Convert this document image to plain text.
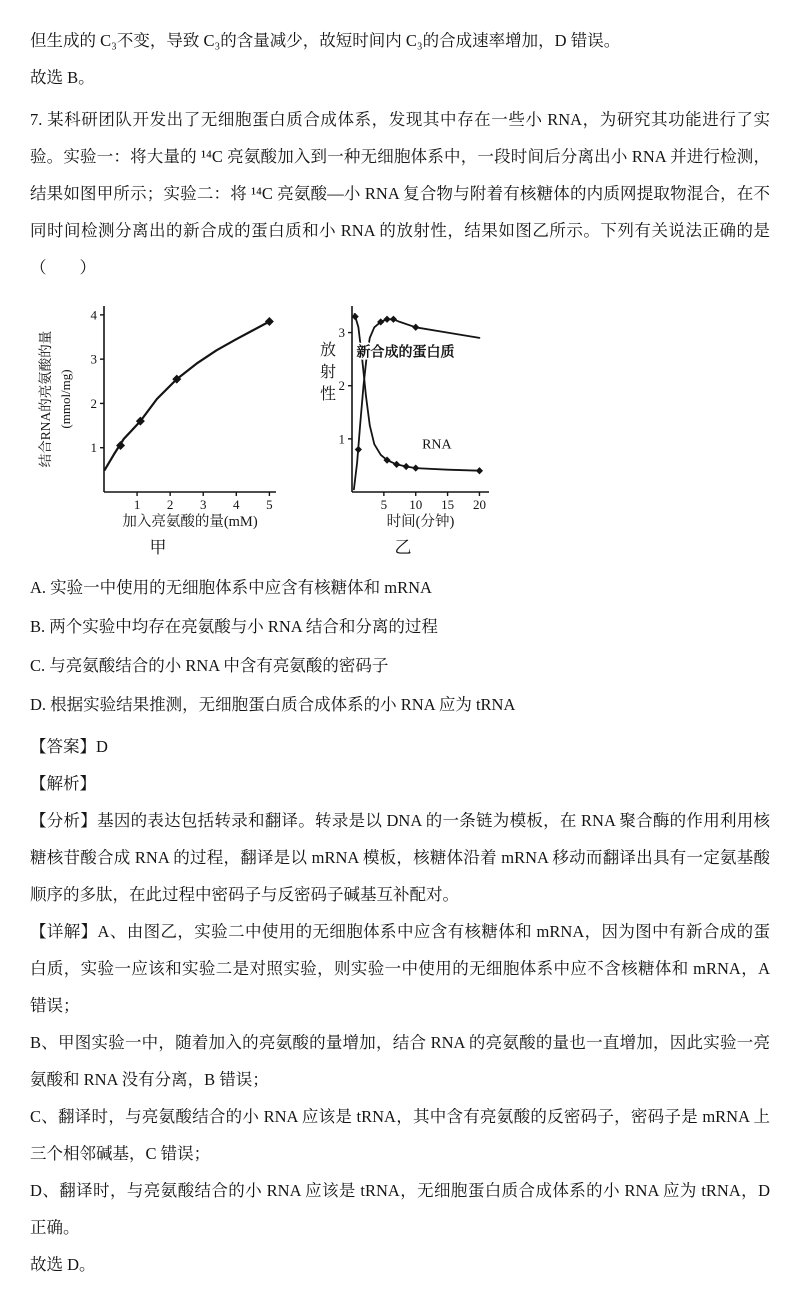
但生成的 C₃不变，导致 C₃的含量减少，故短时间内 C₃的合成速率增加，D 错误。

故选 B。

7. 某科研团队开发出了无细胞蛋白质合成体系，发现其中存在一些小 RNA，为研究其功能进行了实验。实验一：将大量的 ¹⁴C 亮氨酸加入到一种无细胞体系中，一段时间后分离出小 RNA 并进行检测，结果如图甲所示；实验二：将 ¹⁴C 亮氨酸—小 RNA 复合物与附着有核糖体的内质网提取物混合，在不同时间检测分离出的新合成的蛋白质和小 RNA 的放射性，结果如图乙所示。下列有关说法正确的是（　　）

1
2
3
4
1 2 3 4 5
结合RNA的亮氨酸的量 (mmol/mg)
加入亮氨酸的量(mM)
甲
1
2
3
5 10 15 20
放
射
性
时间(分钟)
新合成的蛋白质
RNA
乙

A. 实验一中使用的无细胞体系中应含有核糖体和 mRNA

B. 两个实验中均存在亮氨酸与小 RNA 结合和分离的过程

C. 与亮氨酸结合的小 RNA 中含有亮氨酸的密码子

D. 根据实验结果推测，无细胞蛋白质合成体系的小 RNA 应为 tRNA

【答案】D

【解析】

【分析】基因的表达包括转录和翻译。转录是以 DNA 的一条链为模板，在 RNA 聚合酶的作用利用核糖核苷酸合成 RNA 的过程，翻译是以 mRNA 模板，核糖体沿着 mRNA 移动而翻译出具有一定氨基酸顺序的多肽，在此过程中密码子与反密码子碱基互补配对。

【详解】A、由图乙，实验二中使用的无细胞体系中应含有核糖体和 mRNA，因为图中有新合成的蛋白质，实验一应该和实验二是对照实验，则实验一中使用的无细胞体系中应不含核糖体和 mRNA，A 错误；

B、甲图实验一中，随着加入的亮氨酸的量增加，结合 RNA 的亮氨酸的量也一直增加，因此实验一亮氨酸和 RNA 没有分离，B 错误；

C、翻译时，与亮氨酸结合的小 RNA 应该是 tRNA，其中含有亮氨酸的反密码子，密码子是 mRNA 上三个相邻碱基，C 错误；

D、翻译时，与亮氨酸结合的小 RNA 应该是 tRNA，无细胞蛋白质合成体系的小 RNA 应为 tRNA，D 正确。

故选 D。
